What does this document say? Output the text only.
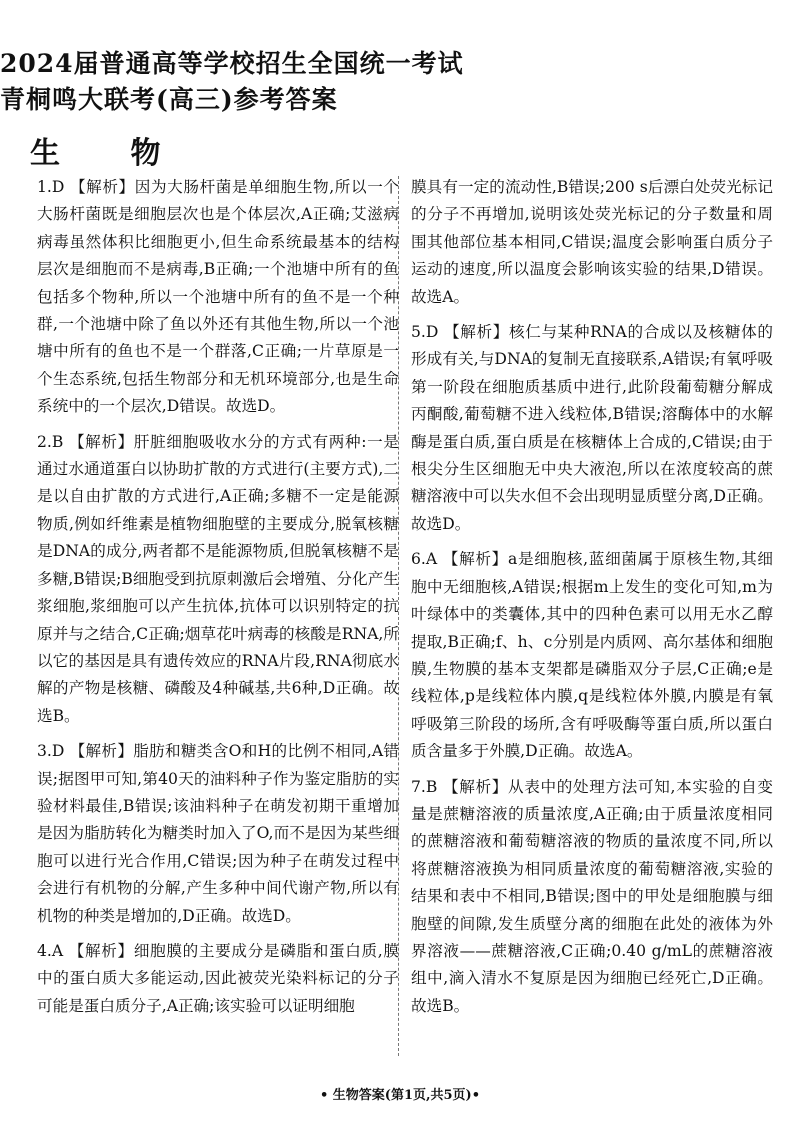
2024届普通高等学校招生全国统一考试
青桐鸣大联考(高三)参考答案
生 物

1.D 【解析】因为大肠杆菌是单细胞生物,所以一个大肠杆菌既是细胞层次也是个体层次,A正确;艾滋病病毒虽然体积比细胞更小,但生命系统最基本的结构层次是细胞而不是病毒,B正确;一个池塘中所有的鱼包括多个物种,所以一个池塘中所有的鱼不是一个种群,一个池塘中除了鱼以外还有其他生物,所以一个池塘中所有的鱼也不是一个群落,C正确;一片草原是一个生态系统,包括生物部分和无机环境部分,也是生命系统中的一个层次,D错误。故选D。

2.B 【解析】肝脏细胞吸收水分的方式有两种:一是通过水通道蛋白以协助扩散的方式进行(主要方式),二是以自由扩散的方式进行,A正确;多糖不一定是能源物质,例如纤维素是植物细胞壁的主要成分,脱氧核糖是DNA的成分,两者都不是能源物质,但脱氧核糖不是多糖,B错误;B细胞受到抗原刺激后会增殖、分化产生浆细胞,浆细胞可以产生抗体,抗体可以识别特定的抗原并与之结合,C正确;烟草花叶病毒的核酸是RNA,所以它的基因是具有遗传效应的RNA片段,RNA彻底水解的产物是核糖、磷酸及4种碱基,共6种,D正确。故选B。

3.D 【解析】脂肪和糖类含O和H的比例不相同,A错误;据图甲可知,第40天的油料种子作为鉴定脂肪的实验材料最佳,B错误;该油料种子在萌发初期干重增加是因为脂肪转化为糖类时加入了O,而不是因为某些细胞可以进行光合作用,C错误;因为种子在萌发过程中会进行有机物的分解,产生多种中间代谢产物,所以有机物的种类是增加的,D正确。故选D。

4.A 【解析】细胞膜的主要成分是磷脂和蛋白质,膜中的蛋白质大多能运动,因此被荧光染料标记的分子可能是蛋白质分子,A正确;该实验可以证明细胞

膜具有一定的流动性,B错误;200 s后漂白处荧光标记的分子不再增加,说明该处荧光标记的分子数量和周围其他部位基本相同,C错误;温度会影响蛋白质分子运动的速度,所以温度会影响该实验的结果,D错误。故选A。

5.D 【解析】核仁与某种RNA的合成以及核糖体的形成有关,与DNA的复制无直接联系,A错误;有氧呼吸第一阶段在细胞质基质中进行,此阶段葡萄糖分解成丙酮酸,葡萄糖不进入线粒体,B错误;溶酶体中的水解酶是蛋白质,蛋白质是在核糖体上合成的,C错误;由于根尖分生区细胞无中央大液泡,所以在浓度较高的蔗糖溶液中可以失水但不会出现明显质壁分离,D正确。故选D。

6.A 【解析】a是细胞核,蓝细菌属于原核生物,其细胞中无细胞核,A错误;根据m上发生的变化可知,m为叶绿体中的类囊体,其中的四种色素可以用无水乙醇提取,B正确;f、h、c分别是内质网、高尔基体和细胞膜,生物膜的基本支架都是磷脂双分子层,C正确;e是线粒体,p是线粒体内膜,q是线粒体外膜,内膜是有氧呼吸第三阶段的场所,含有呼吸酶等蛋白质,所以蛋白质含量多于外膜,D正确。故选A。

7.B 【解析】从表中的处理方法可知,本实验的自变量是蔗糖溶液的质量浓度,A正确;由于质量浓度相同的蔗糖溶液和葡萄糖溶液的物质的量浓度不同,所以将蔗糖溶液换为相同质量浓度的葡萄糖溶液,实验的结果和表中不相同,B错误;图中的甲处是细胞膜与细胞壁的间隙,发生质壁分离的细胞在此处的液体为外界溶液——蔗糖溶液,C正确;0.40 g/mL的蔗糖溶液组中,滴入清水不复原是因为细胞已经死亡,D正确。故选B。

• 生物答案(第1页,共5页)•
